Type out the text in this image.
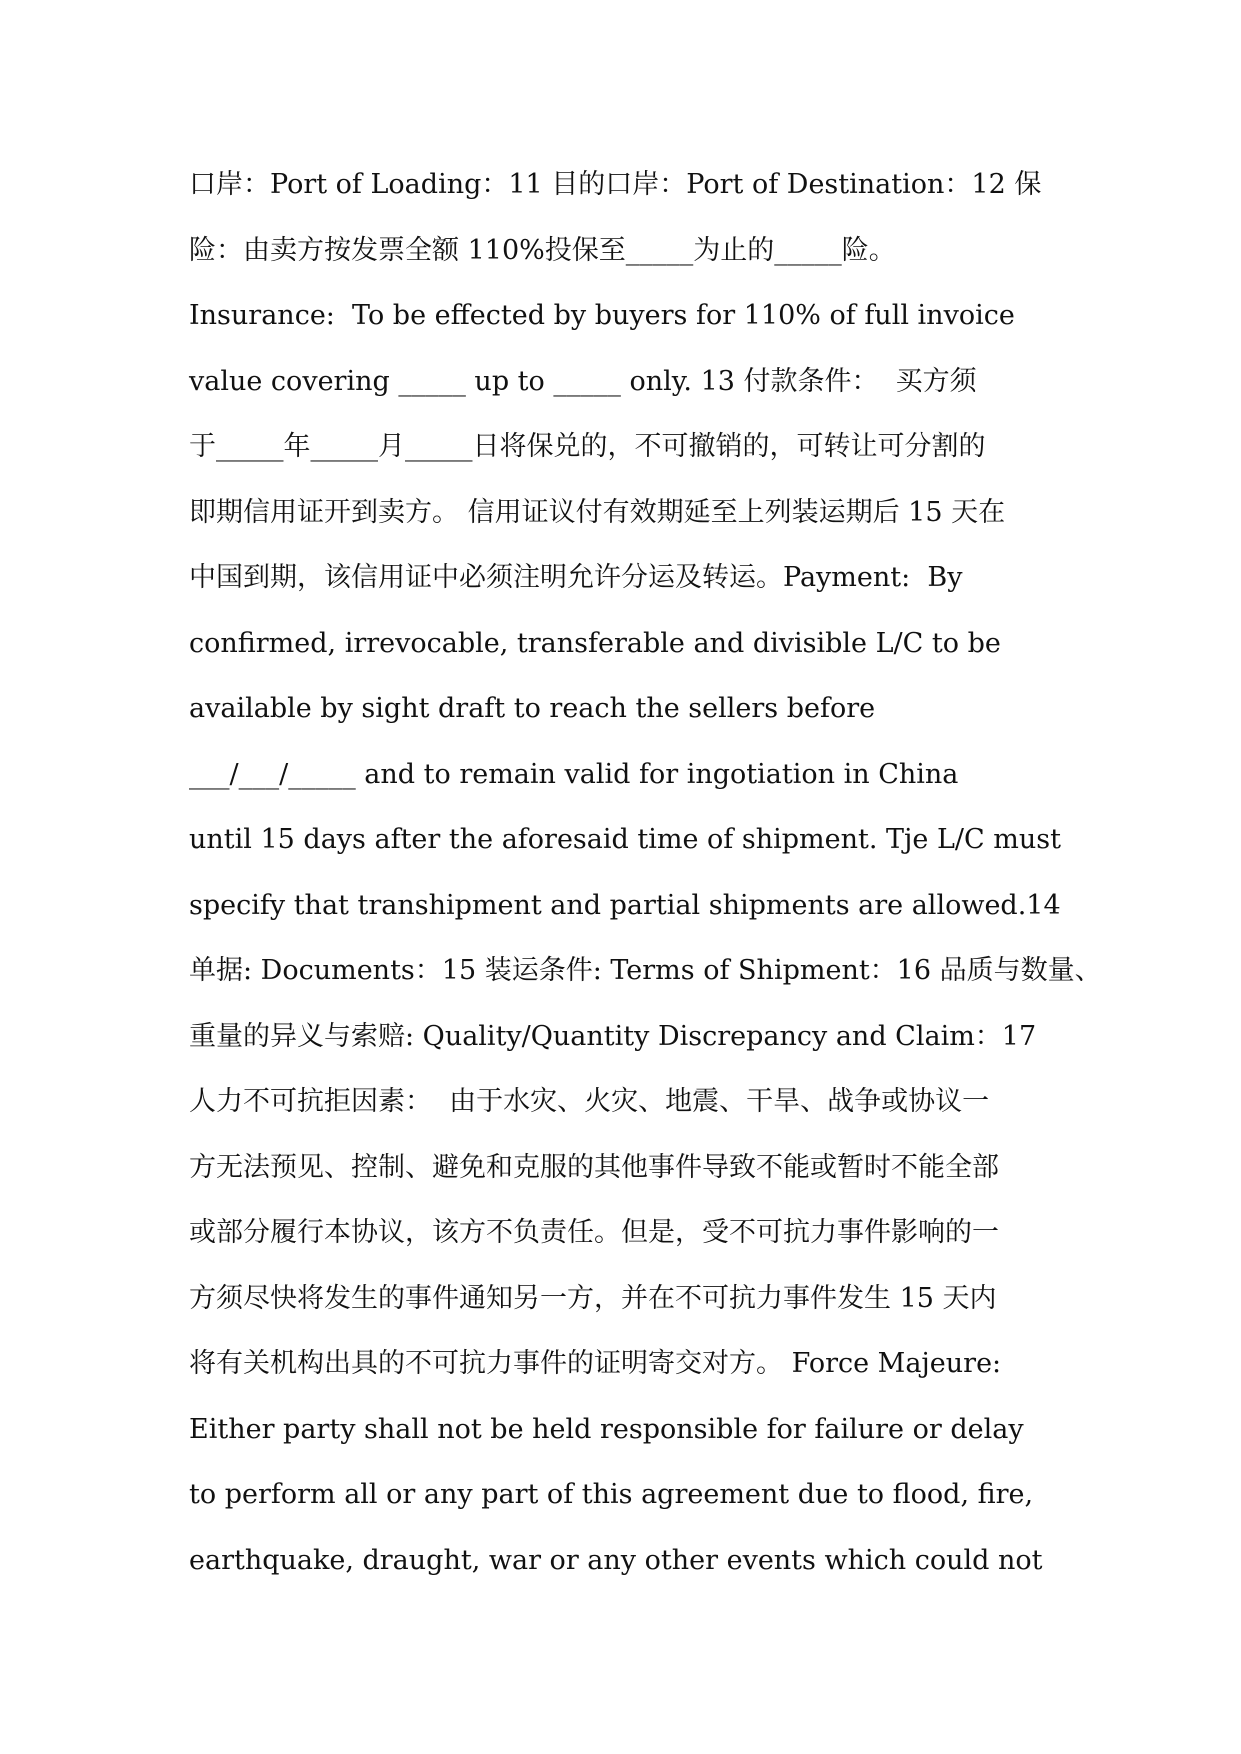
口岸：Port of Loading：11 目的口岸：Port of Destination：12 保
险：由卖方按发票全额 110%投保至_____为止的_____险。
Insurance:  To be effected by buyers for 110% of full invoice
value covering _____ up to _____ only. 13 付款条件：  买方须
于_____年_____月_____日将保兑的，不可撤销的，可转让可分割的
即期信用证开到卖方。 信用证议付有效期延至上列装运期后 15 天在
中国到期，该信用证中必须注明允许分运及转运。Payment:  By
confirmed, irrevocable, transferable and divisible L/C to be
available by sight draft to reach the sellers before
___/___/_____ and to remain valid for ingotiation in China
until 15 days after the aforesaid time of shipment. Tje L/C must
specify that transhipment and partial shipments are allowed.14
单据: Documents：15 装运条件: Terms of Shipment：16 品质与数量、
重量的异义与索赔: Quality/Quantity Discrepancy and Claim：17
人力不可抗拒因素：  由于水灾、火灾、地震、干旱、战争或协议一
方无法预见、控制、避免和克服的其他事件导致不能或暂时不能全部
或部分履行本协议，该方不负责任。但是，受不可抗力事件影响的一
方须尽快将发生的事件通知另一方，并在不可抗力事件发生 15 天内
将有关机构出具的不可抗力事件的证明寄交对方。 Force Majeure:
Either party shall not be held responsible for failure or delay
to perform all or any part of this agreement due to flood, fire,
earthquake, draught, war or any other events which could not
